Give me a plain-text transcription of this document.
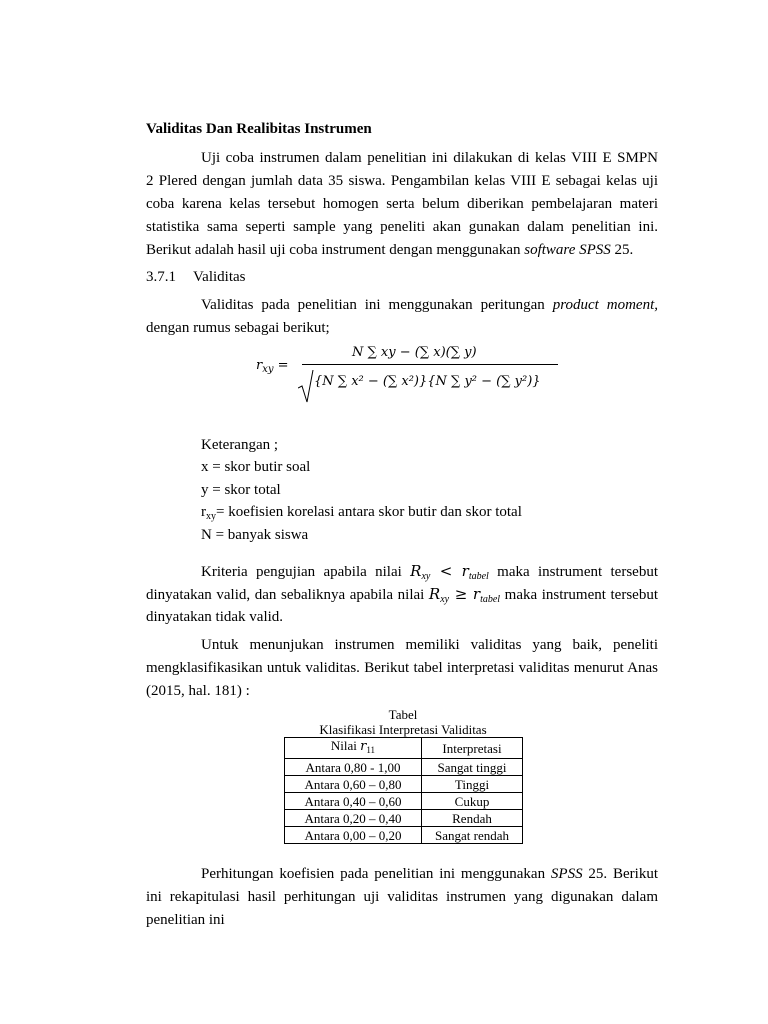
Validitas Dan Realibitas Instrumen
Uji coba instrumen dalam penelitian ini dilakukan di kelas VIII E SMPN
2 Plered dengan jumlah data 35 siswa. Pengambilan kelas VIII E sebagai kelas uji
coba karena kelas tersebut homogen serta belum diberikan pembelajaran materi
statistika sama seperti sample yang peneliti akan gunakan dalam penelitian ini.
Berikut adalah hasil uji coba instrument dengan menggunakan software SPSS 25.
3.7.1 Validitas
Validitas pada penelitian ini menggunakan peritungan product moment,
dengan rumus sebagai berikut;
$r_{xy}$ =
N ∑ xy − (∑ x)(∑ y)
{N ∑ x² − (∑ x²)}{N ∑ y² − (∑ y²)}
Keterangan ;
x = skor butir soal
y = skor total
$r_{xy}=$ koefisien korelasi antara skor butir dan skor total
N = banyak siswa
Kriteria pengujian apabila nilai $R_{xy} < r_{tabel}$ maka instrument tersebut
dinyatakan valid, dan sebaliknya apabila nilai $R_{xy} \ge r_{tabel}$ maka instrument tersebut
dinyatakan tidak valid.
Untuk menunjukan instrumen memiliki validitas yang baik, peneliti
mengklasifikasikan untuk validitas. Berikut tabel interpretasi validitas menurut Anas
(2015, hal. 181) :
Tabel
Klasifikasi Interpretasi Validitas
Nilai $r_{11}$	Interpretasi
Antara 0,80 - 1,00	Sangat tinggi
Antara 0,60 – 0,80	Tinggi
Antara 0,40 – 0,60	Cukup
Antara 0,20 – 0,40	Rendah
Antara 0,00 – 0,20	Sangat rendah
Perhitungan koefisien pada penelitian ini menggunakan SPSS 25. Berikut
ini rekapitulasi hasil perhitungan uji validitas instrumen yang digunakan dalam
penelitian ini
